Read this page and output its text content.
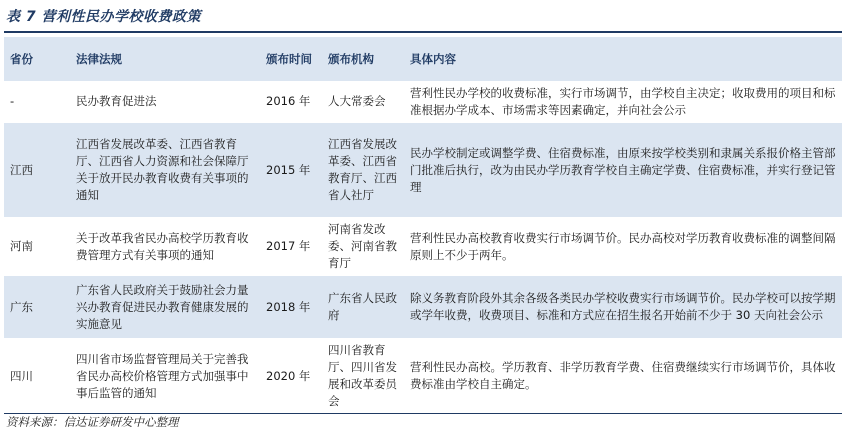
表 7 营利性民办学校收费政策
省份	法律法规	颁布时间	颁布机构	具体内容
-	民办教育促进法	2016 年	人大常委会	营利性民办学校的收费标准，实行市场调节，由学校自主决定；收取费用的项目和标准根据办学成本、市场需求等因素确定，并向社会公示
江西	江西省发展改革委、江西省教育厅、江西省人力资源和社会保障厅关于放开民办教育收费有关事项的通知	2015 年	江西省发展改革委、江西省教育厅、江西省人社厅	民办学校制定或调整学费、住宿费标准，由原来按学校类别和隶属关系报价格主管部门批准后执行，改为由民办学历教育学校自主确定学费、住宿费标准，并实行登记管理
河南	关于改革我省民办高校学历教育收费管理方式有关事项的通知	2017 年	河南省发改委、河南省教育厅	营利性民办高校教育收费实行市场调节价。民办高校对学历教育收费标准的调整间隔原则上不少于两年。
广东	广东省人民政府关于鼓励社会力量兴办教育促进民办教育健康发展的实施意见	2018 年	广东省人民政府	除义务教育阶段外其余各级各类民办学校收费实行市场调节价。民办学校可以按学期或学年收费，收费项目、标准和方式应在招生报名开始前不少于 30 天向社会公示
四川	四川省市场监督管理局关于完善我省民办高校价格管理方式加强事中事后监管的通知	2020 年	四川省教育厅、四川省发展和改革委员会	营利性民办高校。学历教育、非学历教育学费、住宿费继续实行市场调节价，具体收费标准由学校自主确定。
资料来源：信达证券研发中心整理
